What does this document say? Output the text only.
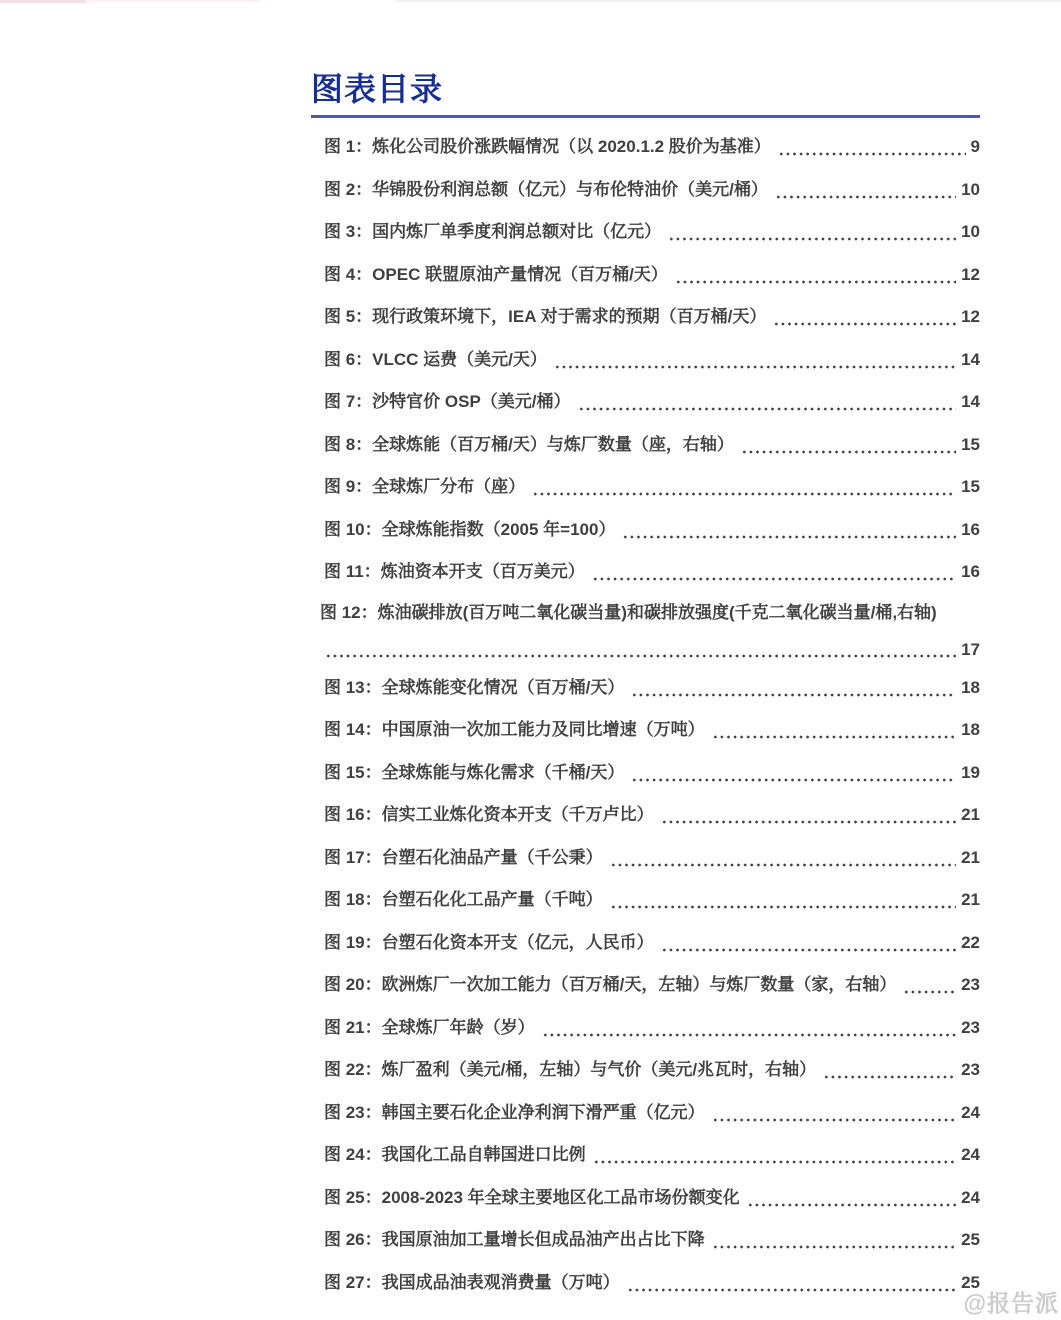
图表目录
图 1：炼化公司股价涨跌幅情况（以 2020.1.2 股价为基准）	9
图 2：华锦股份利润总额（亿元）与布伦特油价（美元/桶）	10
图 3：国内炼厂单季度利润总额对比（亿元）	10
图 4：OPEC 联盟原油产量情况（百万桶/天）	12
图 5：现行政策环境下，IEA 对于需求的预期（百万桶/天）	12
图 6：VLCC 运费（美元/天）	14
图 7：沙特官价 OSP（美元/桶）	14
图 8：全球炼能（百万桶/天）与炼厂数量（座，右轴）	15
图 9：全球炼厂分布（座）	15
图 10：全球炼能指数（2005 年=100）	16
图 11：炼油资本开支（百万美元）	16
图 12：炼油碳排放(百万吨二氧化碳当量)和碳排放强度(千克二氧化碳当量/桶,右轴)
17
图 13：全球炼能变化情况（百万桶/天）	18
图 14：中国原油一次加工能力及同比增速（万吨）	18
图 15：全球炼能与炼化需求（千桶/天）	19
图 16：信实工业炼化资本开支（千万卢比）	21
图 17：台塑石化油品产量（千公秉）	21
图 18：台塑石化化工品产量（千吨）	21
图 19：台塑石化资本开支（亿元，人民币）	22
图 20：欧洲炼厂一次加工能力（百万桶/天，左轴）与炼厂数量（家，右轴）	23
图 21：全球炼厂年龄（岁）	23
图 22：炼厂盈利（美元/桶，左轴）与气价（美元/兆瓦时，右轴）	23
图 23：韩国主要石化企业净利润下滑严重（亿元）	24
图 24：我国化工品自韩国进口比例	24
图 25：2008-2023 年全球主要地区化工品市场份额变化	24
图 26：我国原油加工量增长但成品油产出占比下降	25
图 27：我国成品油表观消费量（万吨）	25
@报告派
